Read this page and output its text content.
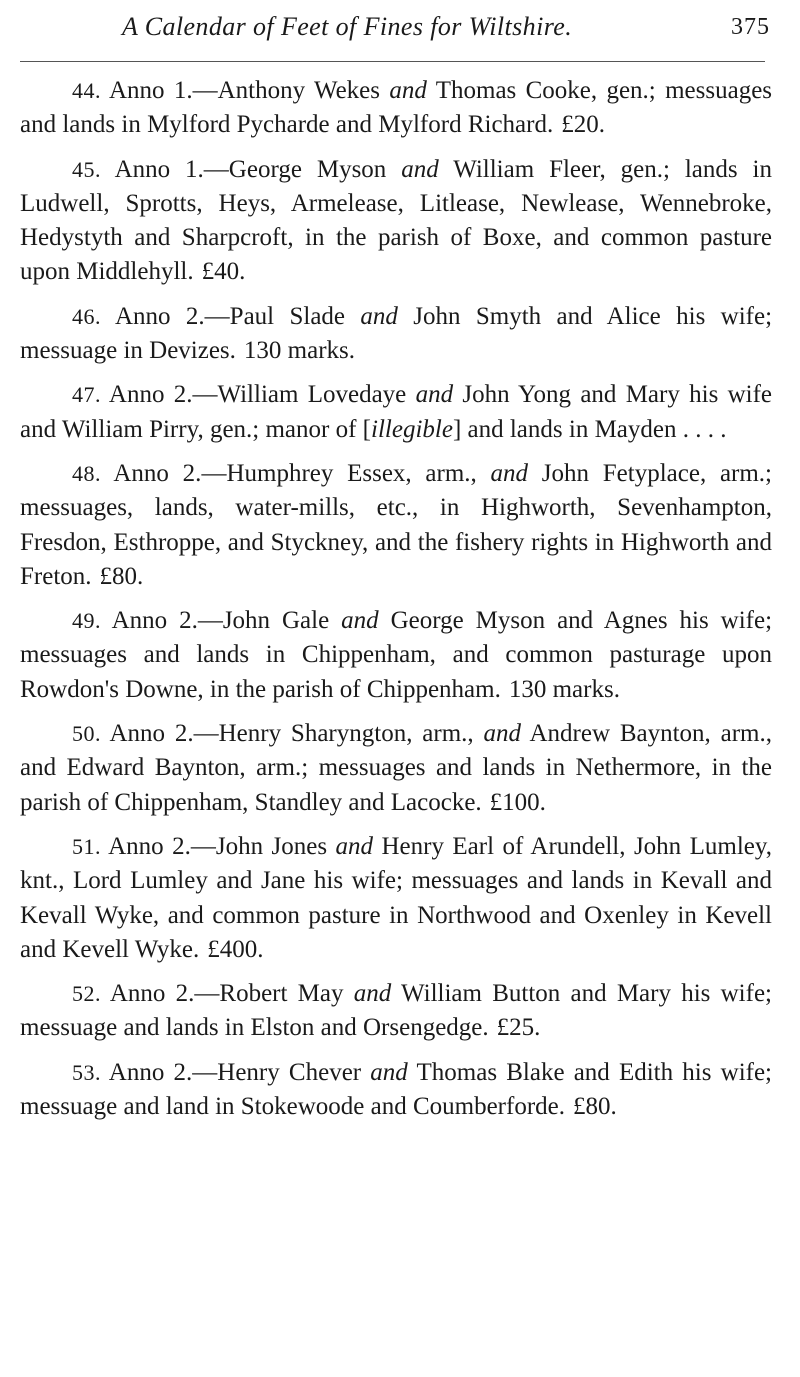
A Calendar of Feet of Fines for Wiltshire.	375

44. Anno 1.—Anthony Wekes and Thomas Cooke, gen.; messuages and lands in Mylford Pycharde and Mylford Richard. £20.

45. Anno 1.—George Myson and William Fleer, gen.; lands in Ludwell, Sprotts, Heys, Armelease, Litlease, Newlease, Wennebroke, Hedystyth and Sharpcroft, in the parish of Boxe, and common pasture upon Middlehyll. £40.

46. Anno 2.—Paul Slade and John Smyth and Alice his wife; messuage in Devizes. 130 marks.

47. Anno 2.—William Lovedaye and John Yong and Mary his wife and William Pirry, gen.; manor of [illegible] and lands in Mayden . . . .

48. Anno 2.—Humphrey Essex, arm., and John Fetyplace, arm.; messuages, lands, water-mills, etc., in Highworth, Sevenhampton, Fresdon, Esthroppe, and Styckney, and the fishery rights in Highworth and Freton. £80.

49. Anno 2.—John Gale and George Myson and Agnes his wife; messuages and lands in Chippenham, and common pasturage upon Rowdon's Downe, in the parish of Chippenham. 130 marks.

50. Anno 2.—Henry Sharyngton, arm., and Andrew Baynton, arm., and Edward Baynton, arm.; messuages and lands in Nethermore, in the parish of Chippenham, Standley and Lacocke. £100.

51. Anno 2.—John Jones and Henry Earl of Arundell, John Lumley, knt., Lord Lumley and Jane his wife; messuages and lands in Kevall and Kevall Wyke, and common pasture in Northwood and Oxenley in Kevell and Kevell Wyke. £400.

52. Anno 2.—Robert May and William Button and Mary his wife; messuage and lands in Elston and Orsengedge. £25.

53. Anno 2.—Henry Chever and Thomas Blake and Edith his wife; messuage and land in Stokewoode and Coumberforde. £80.
